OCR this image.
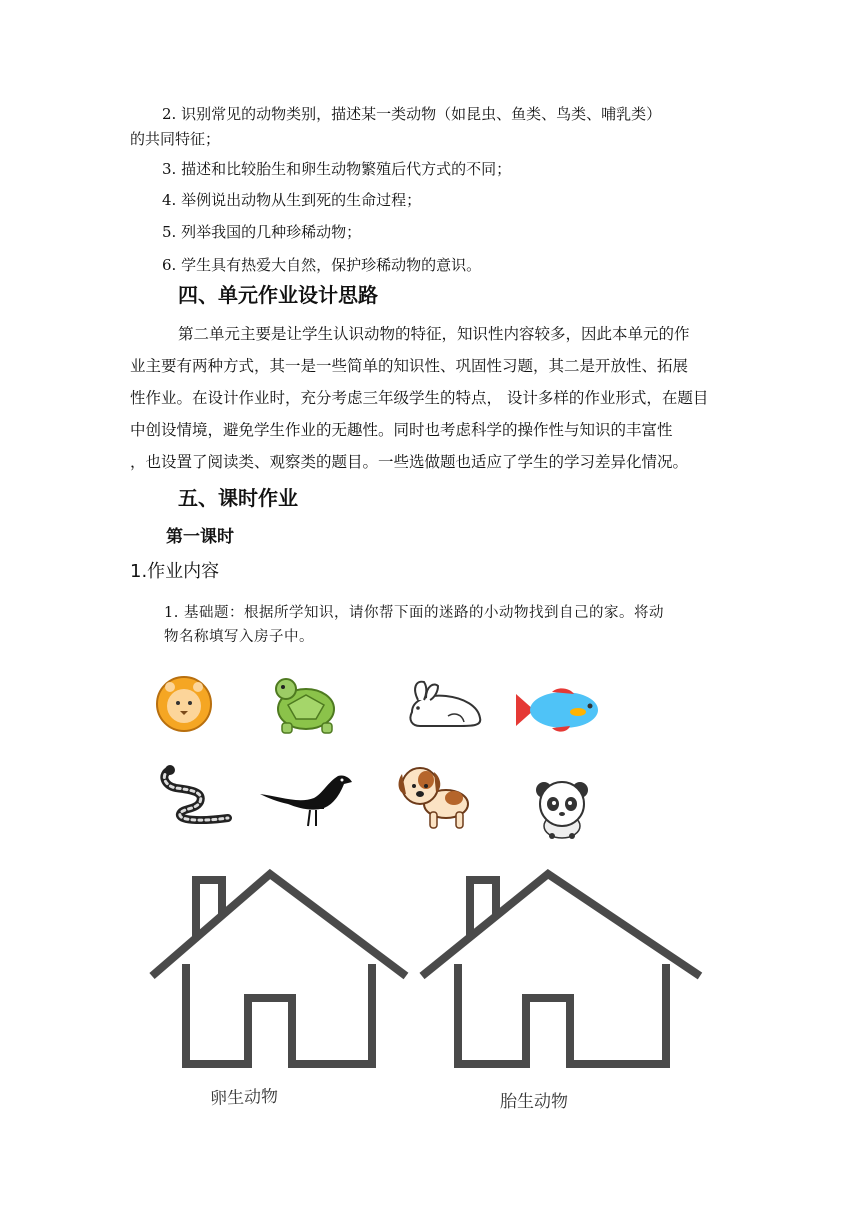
2. 识别常见的动物类别，描述某一类动物（如昆虫、鱼类、鸟类、哺乳类）
的共同特征；
3. 描述和比较胎生和卵生动物繁殖后代方式的不同；
4. 举例说出动物从生到死的生命过程；
5. 列举我国的几种珍稀动物；
6. 学生具有热爱大自然，保护珍稀动物的意识。
四、单元作业设计思路
第二单元主要是让学生认识动物的特征，知识性内容较多，因此本单元的作
业主要有两种方式，其一是一些简单的知识性、巩固性习题，其二是开放性、拓展
性作业。在设计作业时，充分考虑三年级学生的特点， 设计多样的作业形式，在题目
中创设情境，避免学生作业的无趣性。同时也考虑科学的操作性与知识的丰富性
，也设置了阅读类、观察类的题目。一些选做题也适应了学生的学习差异化情况。
五、课时作业
第一课时
1.作业内容
1. 基础题：根据所学知识，请你帮下面的迷路的小动物找到自己的家。将动
物名称填写入房子中。
卵生动物	胎生动物
